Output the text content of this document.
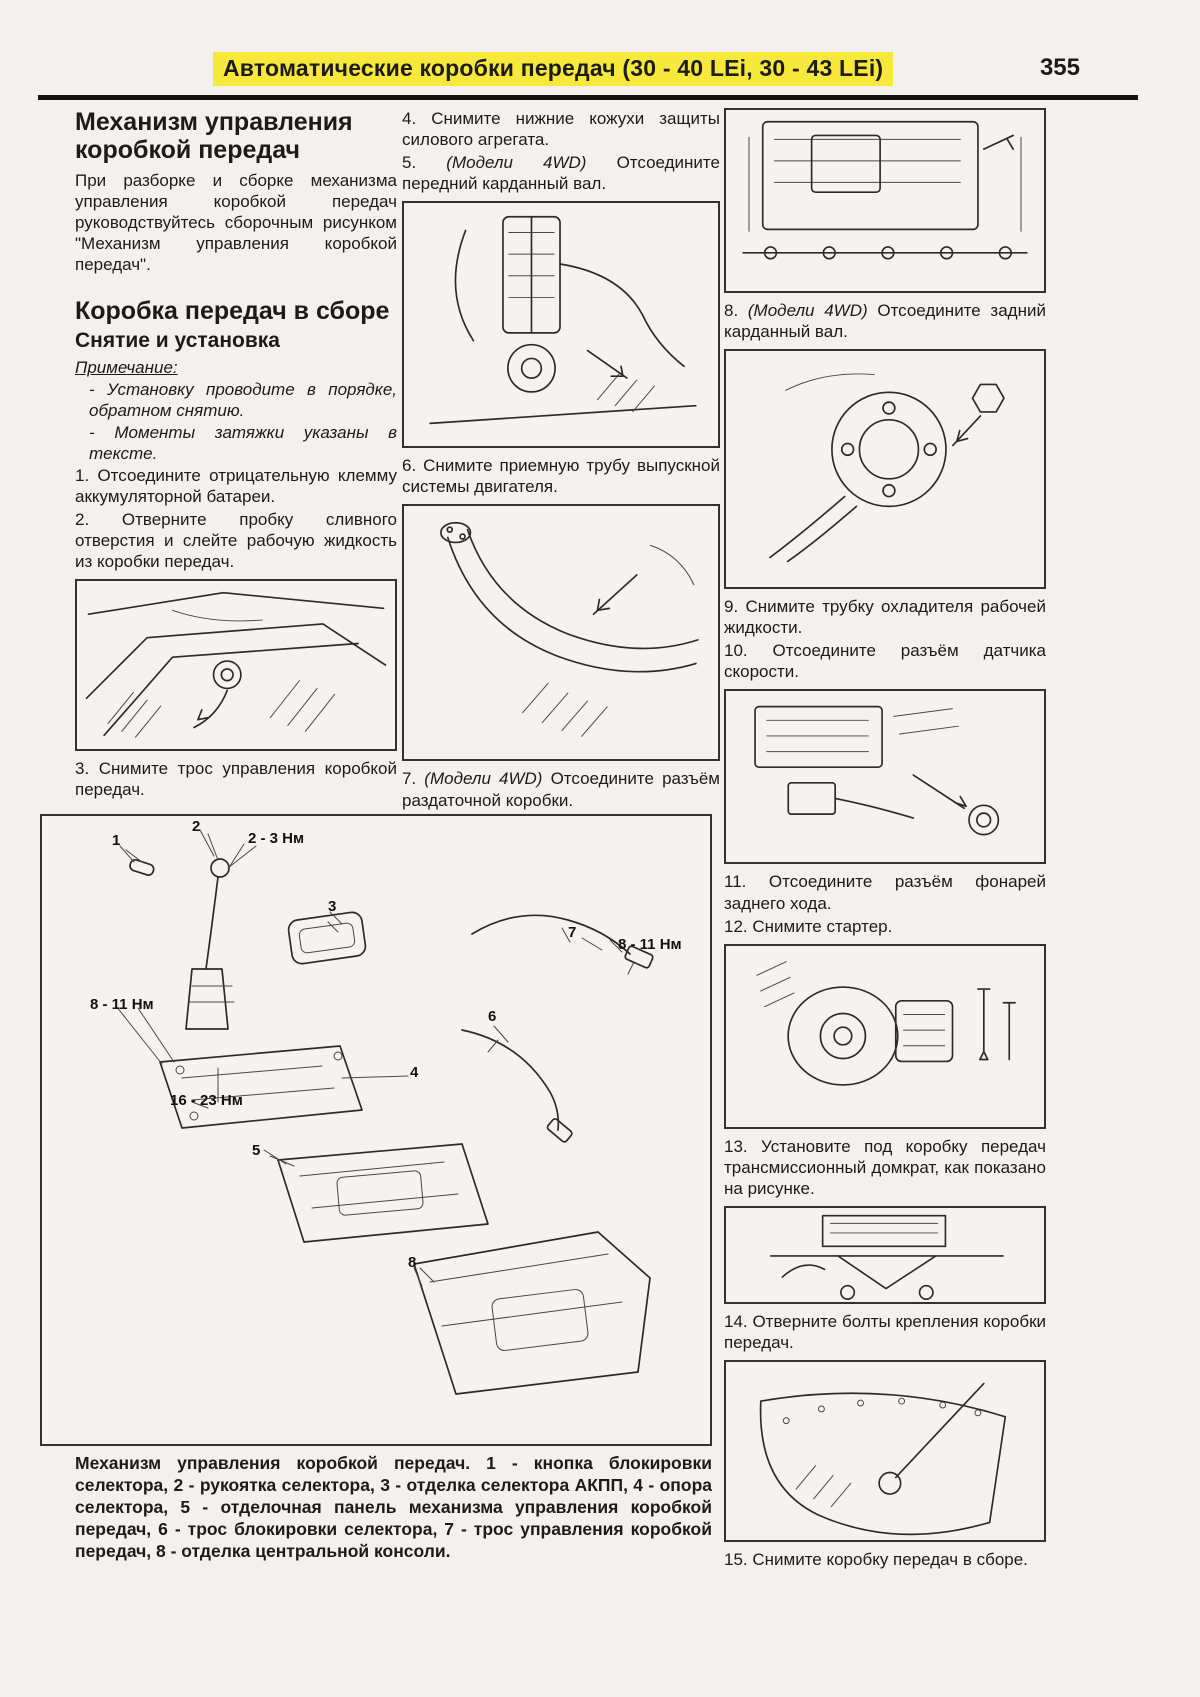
Автоматические коробки передач (30 - 40 LEi, 30 - 43 LEi)	355
Механизм управления коробкой передач

При разборке и сборке механизма управления коробкой передач руководствуйтесь сборочным рисунком "Механизм управления коробкой передач".

Коробка передач в сборе
Снятие и установка
Примечание:

- Установку проводите в порядке, обратном снятию.

- Моменты затяжки указаны в тексте.

1. Отсоедините отрицательную клемму аккумуляторной батареи.

2. Отверните пробку сливного отверстия и слейте рабочую жидкость из коробки передач.

3. Снимите трос управления коробкой передач.

4. Снимите нижние кожухи защиты силового агрегата.

5. (Модели 4WD) Отсоедините передний карданный вал.

6. Снимите приемную трубу выпускной системы двигателя.

7. (Модели 4WD) Отсоедините разъём раздаточной коробки.

8. (Модели 4WD) Отсоедините задний карданный вал.

9. Снимите трубку охладителя рабочей жидкости.

10. Отсоедините разъём датчика скорости.

11. Отсоедините разъём фонарей заднего хода.

12. Снимите стартер.

13. Установите под коробку передач трансмиссионный домкрат, как показано на рисунке.

14. Отверните болты крепления коробки передач.

15. Снимите коробку передач в сборе.

1
2
2 - 3 Нм
3
8 - 11 Нм
7
8 - 11 Нм
6
16 - 23 Нм
4
5
8
Механизм управления коробкой передач. 1 - кнопка блокировки селектора, 2 - рукоятка селектора, 3 - отделка селектора АКПП, 4 - опора селектора, 5 - отделочная панель механизма управления коробкой передач, 6 - трос блокировки селектора, 7 - трос управления коробкой передач, 8 - отделка центральной консоли.
